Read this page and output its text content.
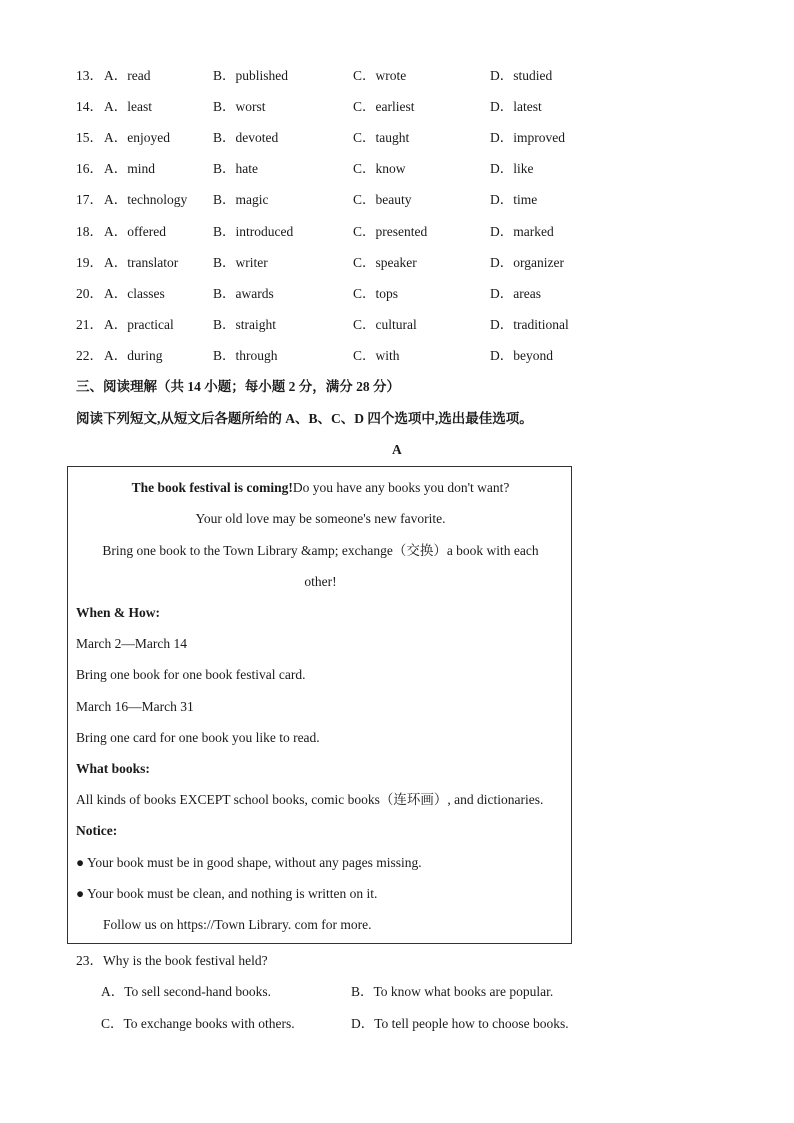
13． A．read	B．published	C．wrote	D．studied
14． A．least	B．worst	C．earliest	D．latest
15． A．enjoyed	B．devoted	C．taught	D．improved
16． A．mind	B．hate	C．know	D．like
17． A．technology B．magic	C．beauty	D．time
18． A．offered	B．introduced	C．presented	D．marked
19． A．translator	B．writer	C．speaker	D．organizer
20． A．classes	B．awards	C．tops	D．areas
21． A．practical	B．straight	C．cultural	D．traditional
22． A．during	B．through	C．with	D．beyond
三、阅读理解（共 14 小题；每小题 2 分，满分 28 分）
阅读下列短文,从短文后各题所给的 A、B、C、D 四个选项中,选出最佳选项。
A
The book festival is coming!Do you have any books you don't want?
Your old love may be someone's new favorite.
Bring one book to the Town Library &amp; exchange（交换）a book with each
other!
When & How:
March 2—March 14
Bring one book for one book festival card.
March 16—March 31
Bring one card for one book you like to read.
What books:
All kinds of books EXCEPT school books, comic books（连环画）, and dictionaries.
Notice:
● Your book must be in good shape, without any pages missing.
● Your book must be clean, and nothing is written on it.
Follow us on https://Town Library. com for more.
23．Why is the book festival held?
A．To sell second-hand books.	B．To know what books are popular.
C．To exchange books with others.	D．To tell people how to choose books.
